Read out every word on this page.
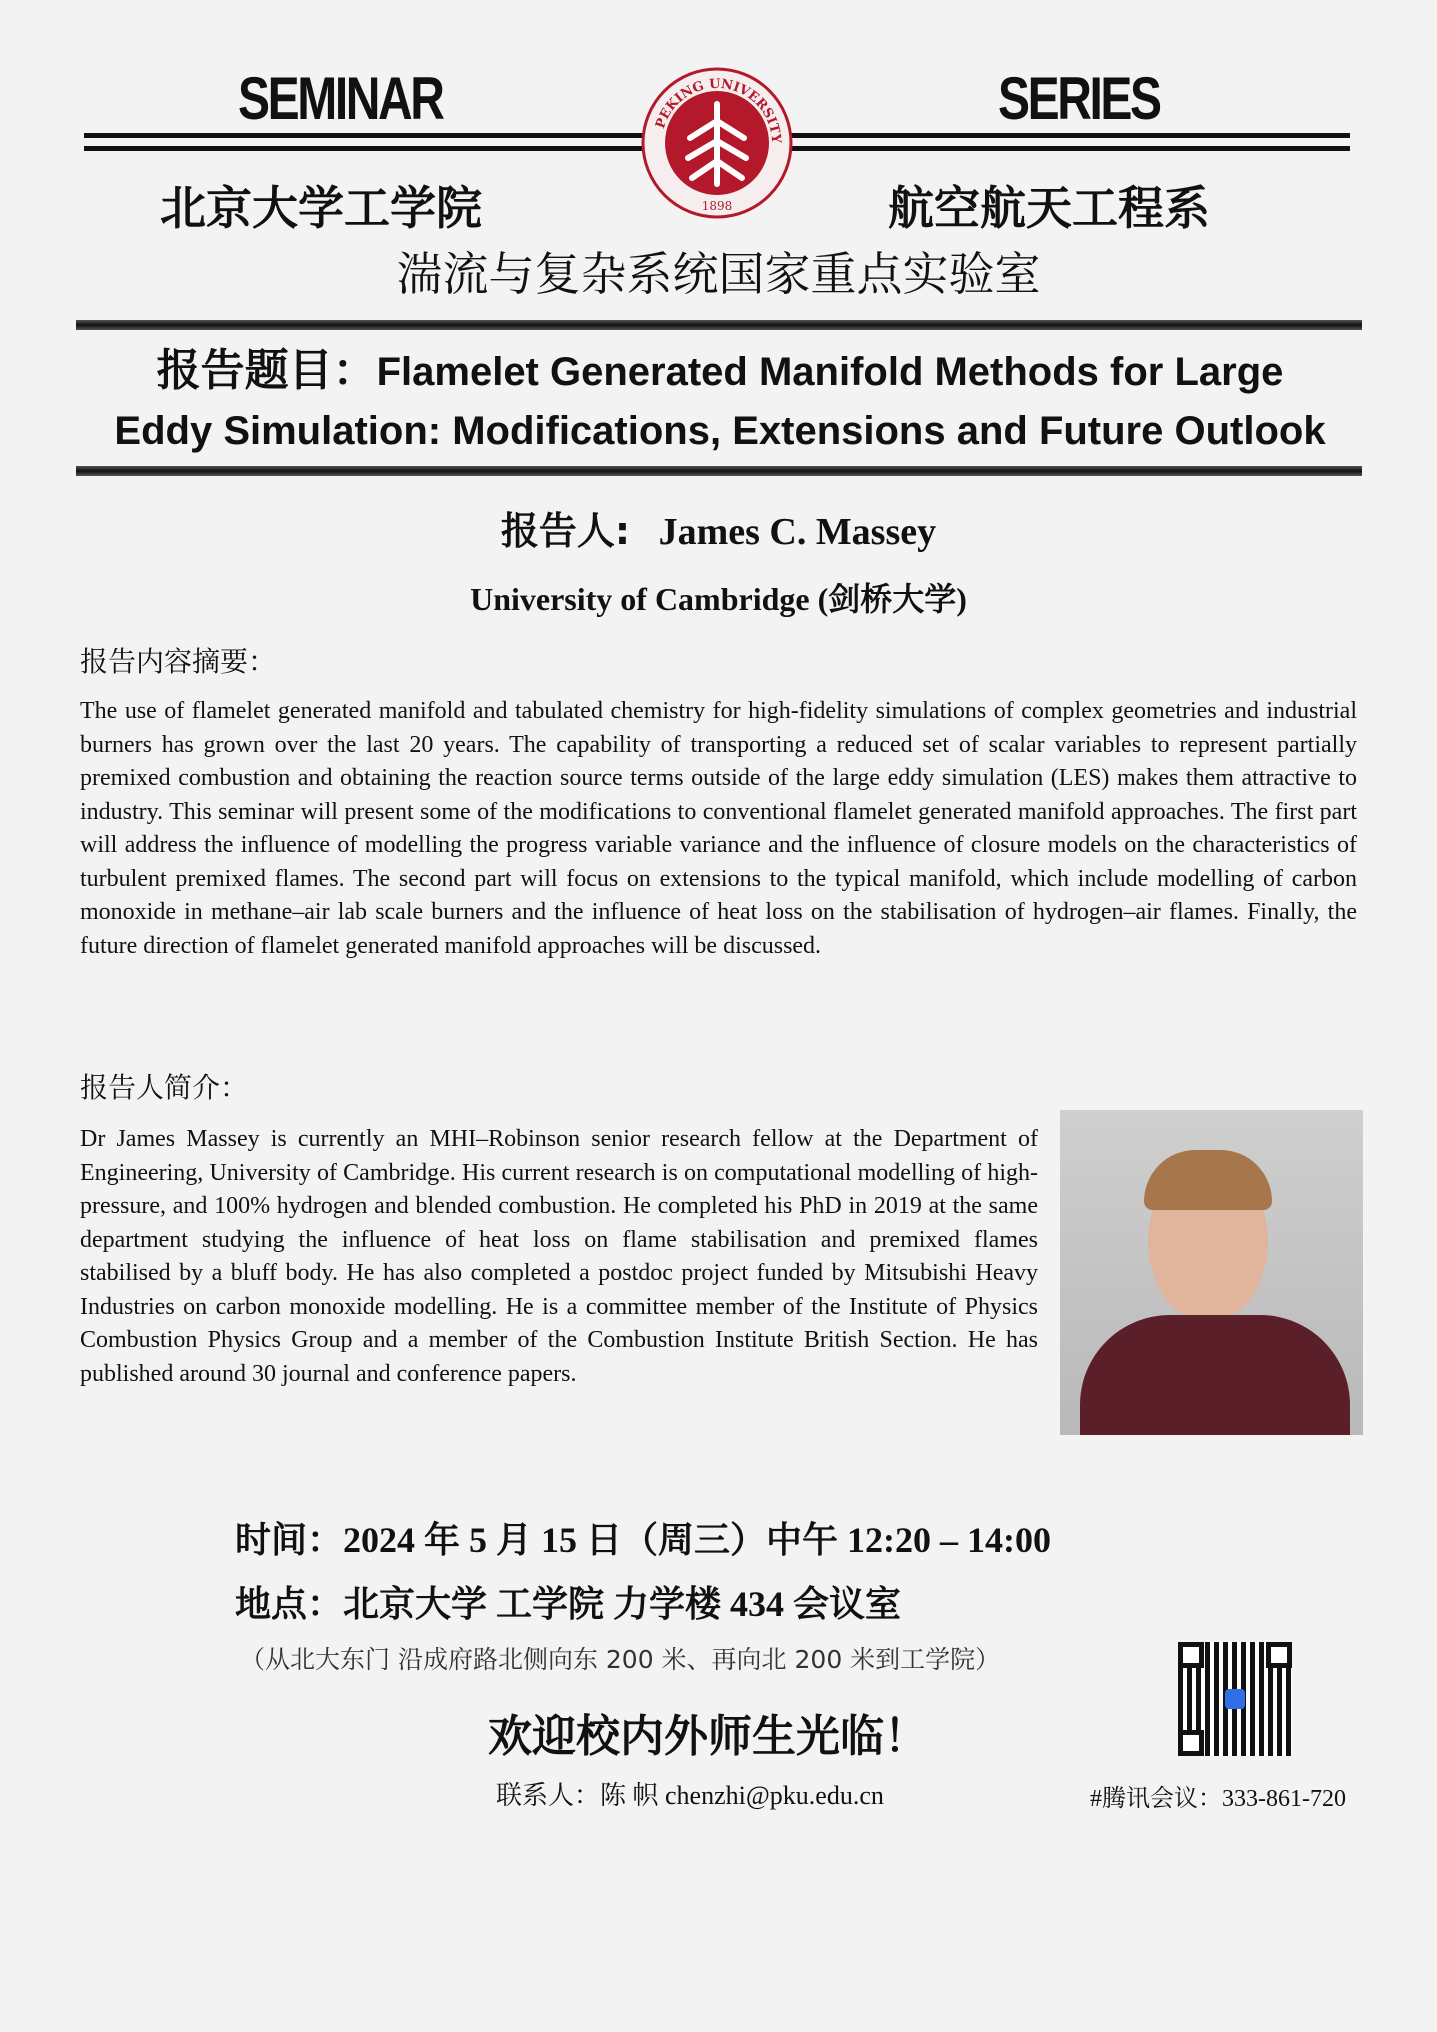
SEMINAR	SERIES
PEKING UNIVERSITY
1898
北京大学工学院	航空航天工程系
湍流与复杂系统国家重点实验室
报告题目：Flamelet Generated Manifold Methods for Large
Eddy Simulation: Modifications, Extensions and Future Outlook
报告人: James C. Massey
University of Cambridge (剑桥大学)
报告内容摘要：
The use of flamelet generated manifold and tabulated chemistry for high-fidelity simulations of complex geometries and industrial burners has grown over the last 20 years. The capability of transporting a reduced set of scalar variables to represent partially premixed combustion and obtaining the reaction source terms outside of the large eddy simulation (LES) makes them attractive to industry. This seminar will present some of the modifications to conventional flamelet generated manifold approaches. The first part will address the influence of modelling the progress variable variance and the influence of closure models on the characteristics of turbulent premixed flames. The second part will focus on extensions to the typical manifold, which include modelling of carbon monoxide in methane–air lab scale burners and the influence of heat loss on the stabilisation of hydrogen–air flames. Finally, the future direction of flamelet generated manifold approaches will be discussed.
报告人简介：
Dr James Massey is currently an MHI–Robinson senior research fellow at the Department of Engineering, University of Cambridge. His current research is on computational modelling of high-pressure, and 100% hydrogen and blended combustion. He completed his PhD in 2019 at the same department studying the influence of heat loss on flame stabilisation and premixed flames stabilised by a bluff body. He has also completed a postdoc project funded by Mitsubishi Heavy Industries on carbon monoxide modelling. He is a committee member of the Institute of Physics Combustion Physics Group and a member of the Combustion Institute British Section. He has published around 30 journal and conference papers.
时间：2024 年 5 月 15 日（周三）中午 12:20 – 14:00
地点：北京大学 工学院 力学楼 434 会议室
（从北大东门 沿成府路北侧向东 200 米、再向北 200 米到工学院）
欢迎校内外师生光临！
联系人：陈 帜 chenzhi@pku.edu.cn	#腾讯会议：333-861-720
